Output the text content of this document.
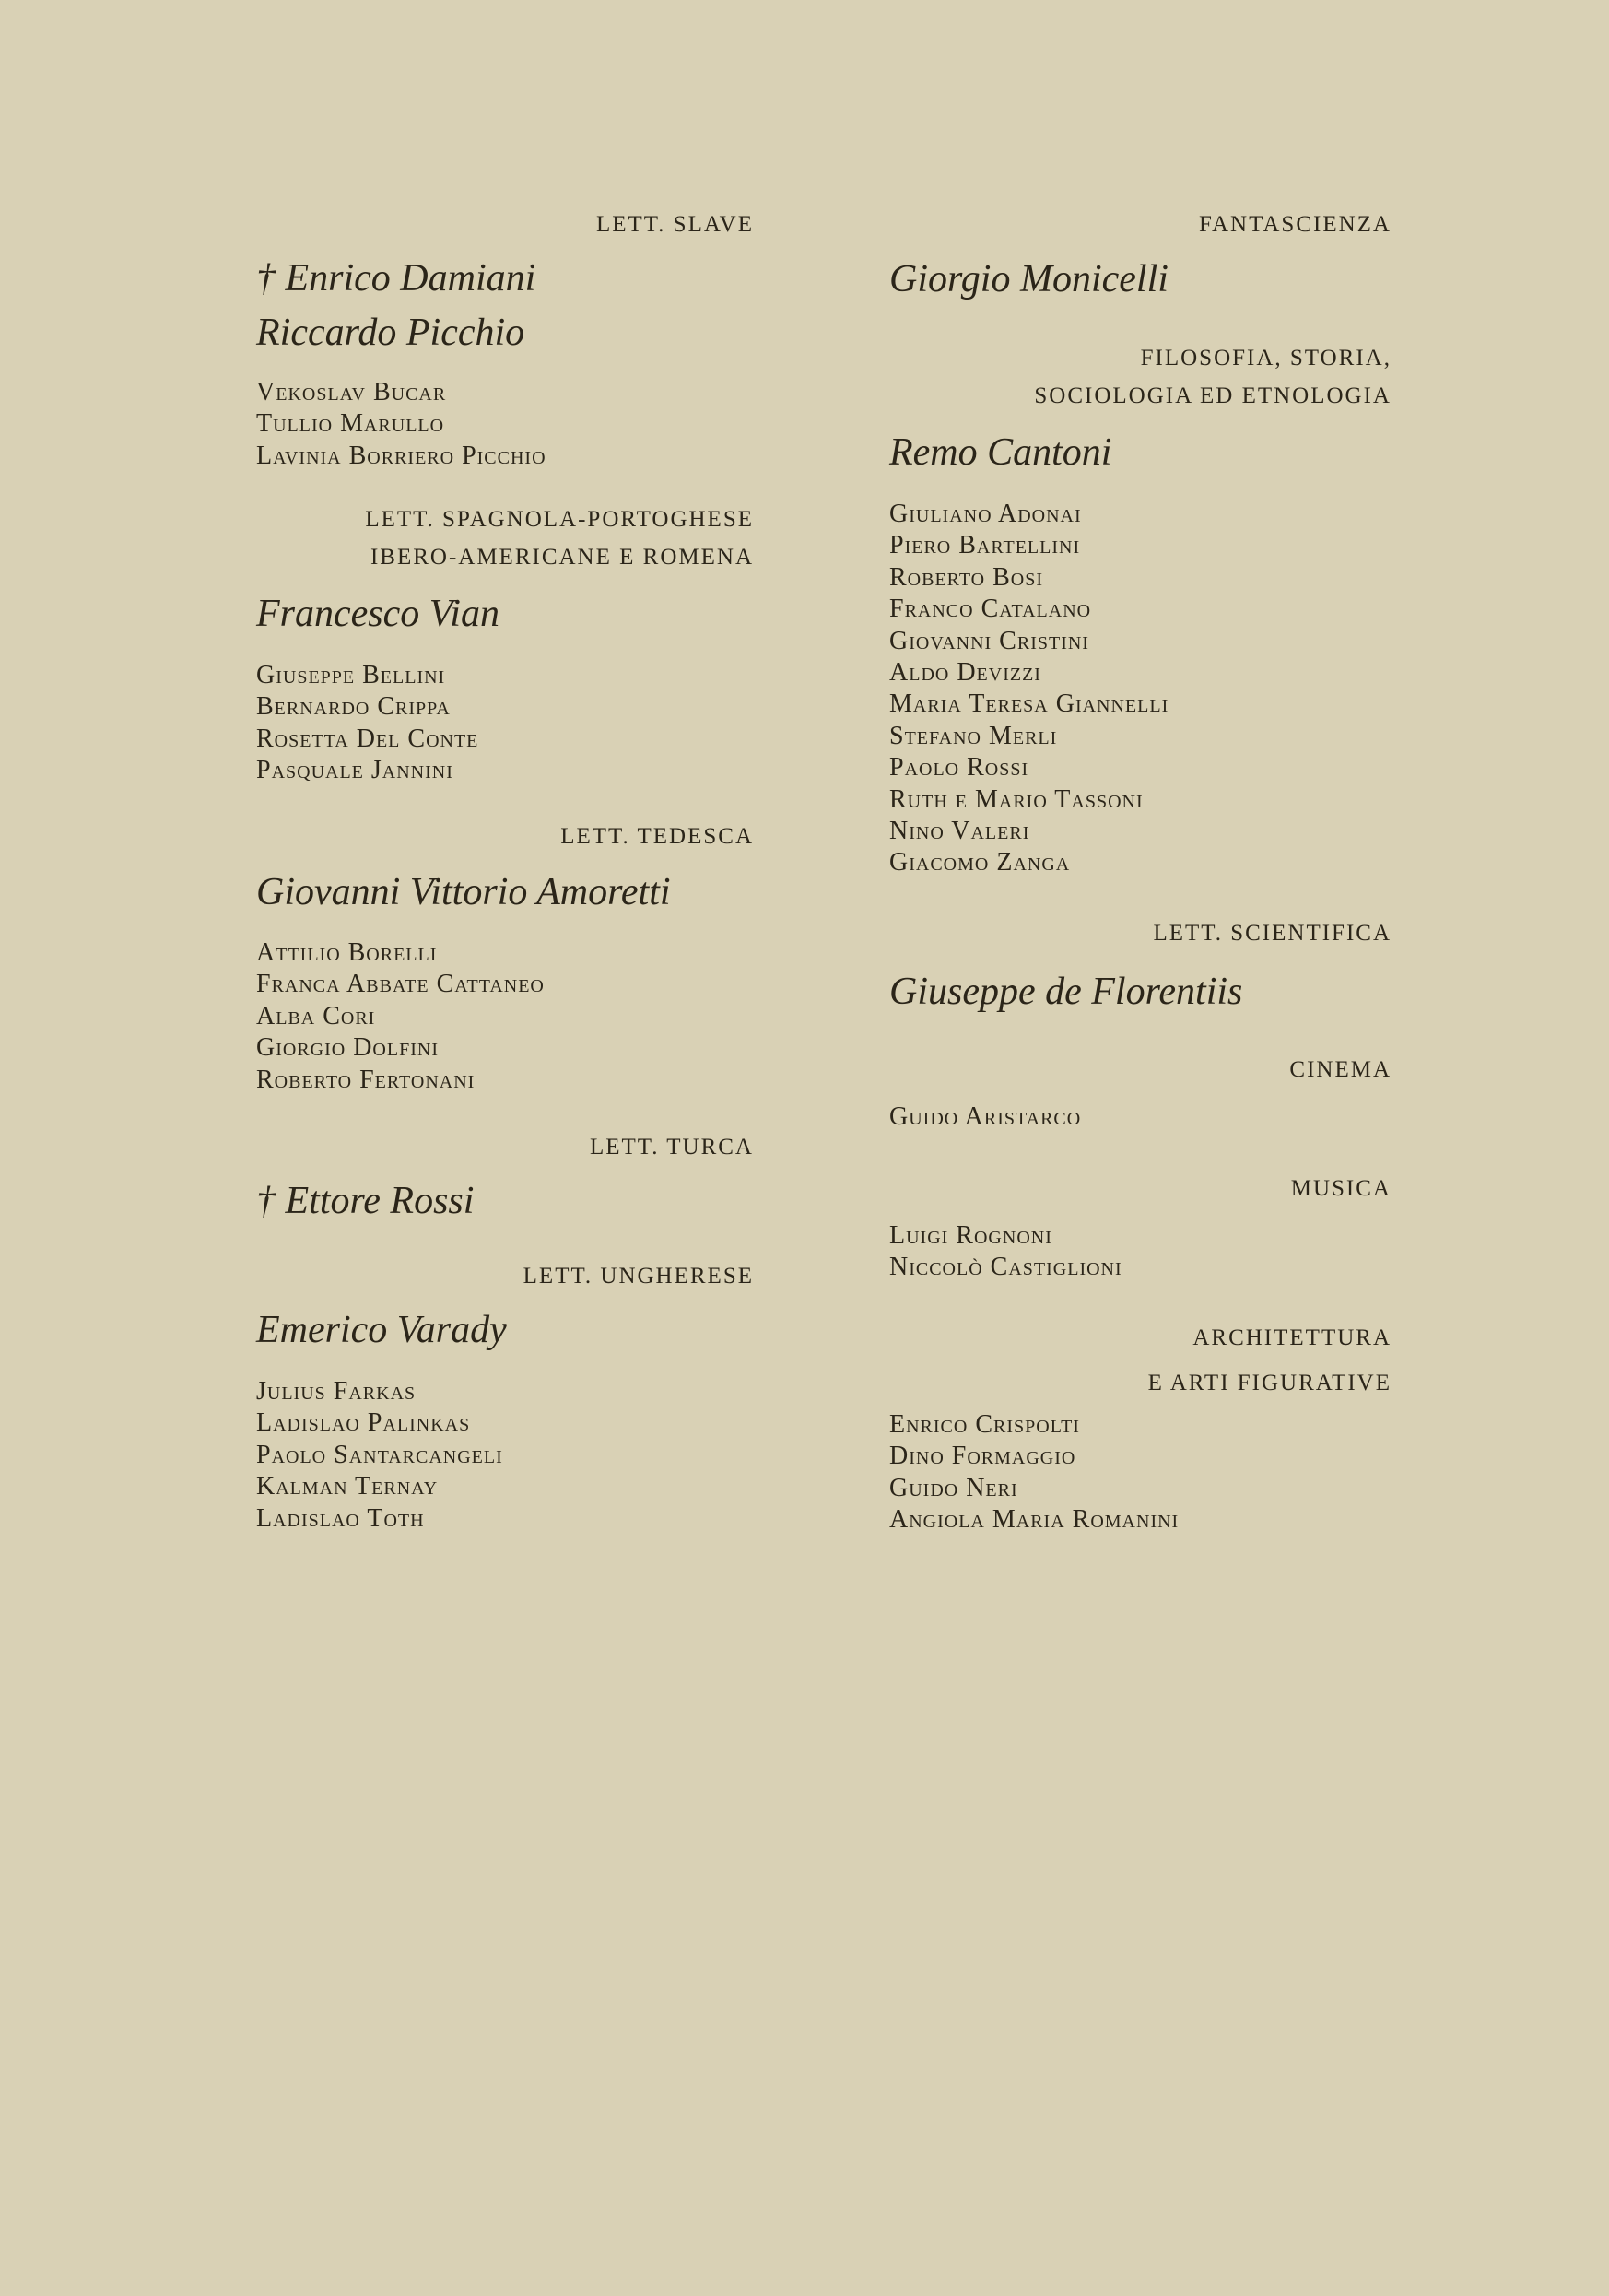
LETT. SLAVE
† Enrico Damiani
Riccardo Picchio
Vekoslav Bucar
Tullio Marullo
Lavinia Borriero Picchio
LETT. SPAGNOLA-PORTOGHESE
IBERO-AMERICANE E ROMENA
Francesco Vian
Giuseppe Bellini
Bernardo Crippa
Rosetta Del Conte
Pasquale Jannini
LETT. TEDESCA
Giovanni Vittorio Amoretti
Attilio Borelli
Franca Abbate Cattaneo
Alba Cori
Giorgio Dolfini
Roberto Fertonani
LETT. TURCA
† Ettore Rossi
LETT. UNGHERESE
Emerico Varady
Julius Farkas
Ladislao Palinkas
Paolo Santarcangeli
Kalman Ternay
Ladislao Toth
FANTASCIENZA
Giorgio Monicelli
FILOSOFIA, STORIA,
SOCIOLOGIA ED ETNOLOGIA
Remo Cantoni
Giuliano Adonai
Piero Bartellini
Roberto Bosi
Franco Catalano
Giovanni Cristini
Aldo Devizzi
Maria Teresa Giannelli
Stefano Merli
Paolo Rossi
Ruth e Mario Tassoni
Nino Valeri
Giacomo Zanga
LETT. SCIENTIFICA
Giuseppe de Florentiis
CINEMA
Guido Aristarco
MUSICA
Luigi Rognoni
Niccolò Castiglioni
ARCHITETTURA
E ARTI FIGURATIVE
Enrico Crispolti
Dino Formaggio
Guido Neri
Angiola Maria Romanini
